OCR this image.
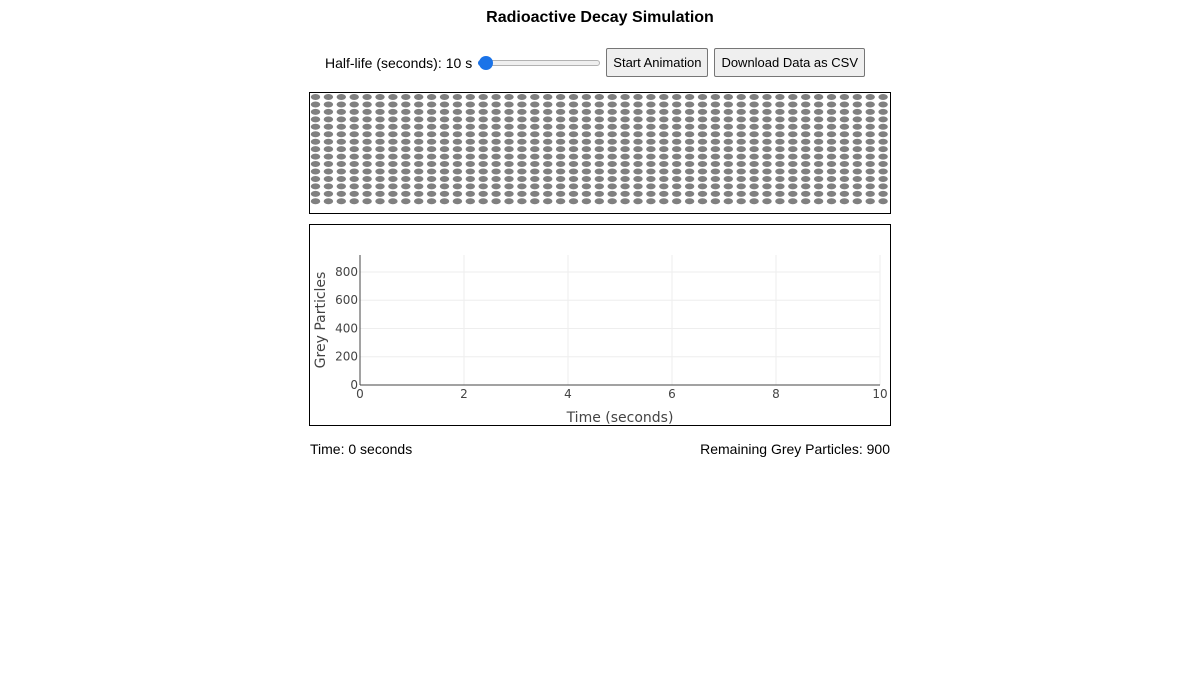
Radioactive Decay Simulation
Half-life (seconds): 10 s	Start Animation	Download Data as CSV
0	2	4	6	8	10
0
200
400
600
800
Time (seconds)
Grey Particles
Time: 0 seconds	Remaining Grey Particles: 900
